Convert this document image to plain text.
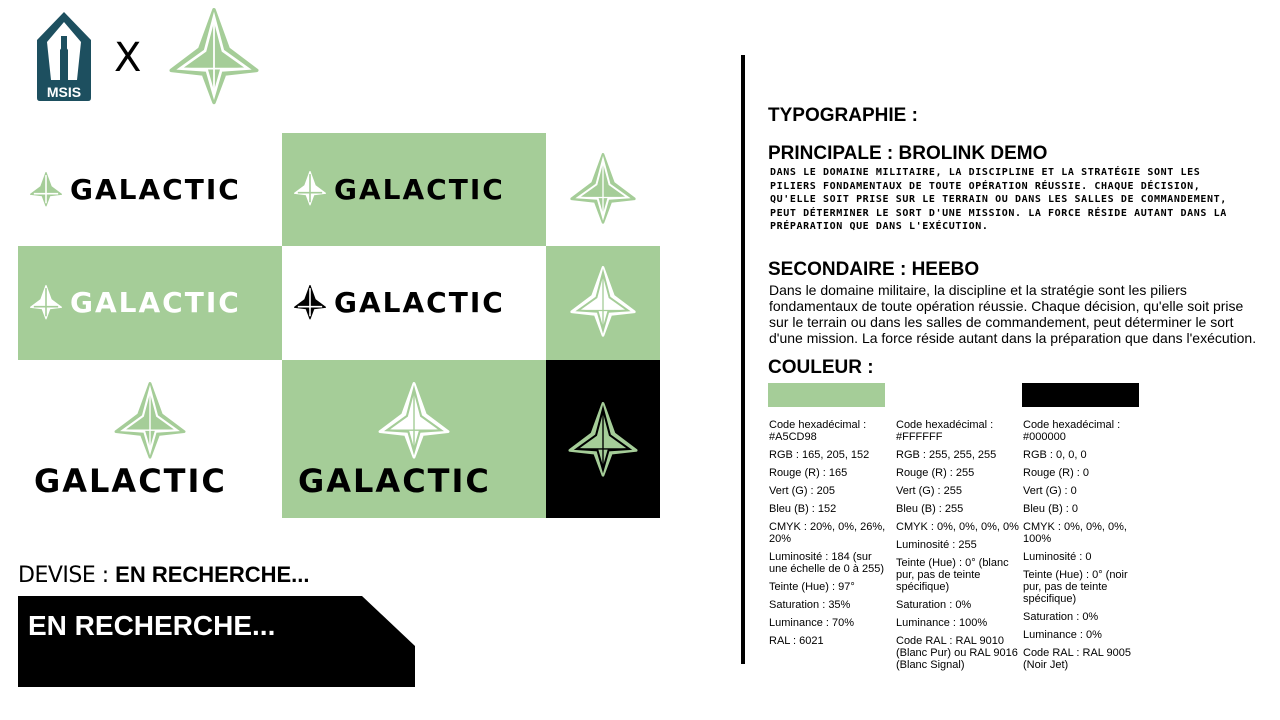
MSIS
X
GALACTIC	GALACTIC
GALACTIC	GALACTIC
GALACTIC GALACTIC
DEVISE : EN RECHERCHE...
EN RECHERCHE...
TYPOGRAPHIE :
PRINCIPALE : BROLINK DEMO
DANS LE DOMAINE MILITAIRE, LA DISCIPLINE ET LA STRATÉGIE SONT LES PILIERS FONDAMENTAUX DE TOUTE OPÉRATION RÉUSSIE. CHAQUE DÉCISION, QU'ELLE SOIT PRISE SUR LE TERRAIN OU DANS LES SALLES DE COMMANDEMENT, PEUT DÉTERMINER LE SORT D'UNE MISSION. LA FORCE RÉSIDE AUTANT DANS LA PRÉPARATION QUE DANS L'EXÉCUTION.
SECONDAIRE : HEEBO
Dans le domaine militaire, la discipline et la stratégie sont les piliers fondamentaux de toute opération réussie. Chaque décision, qu'elle soit prise sur le terrain ou dans les salles de commandement, peut déterminer le sort d'une mission. La force réside autant dans la préparation que dans l'exécution.
COULEUR :
Code hexadécimal : #A5CD98
RGB : 165, 205, 152
Rouge (R) : 165
Vert (G) : 205
Bleu (B) : 152
CMYK : 20%, 0%, 26%, 20%
Luminosité : 184 (sur une échelle de 0 à 255)
Teinte (Hue) : 97°
Saturation : 35%
Luminance : 70%
RAL : 6021
Code hexadécimal : #FFFFFF
RGB : 255, 255, 255
Rouge (R) : 255
Vert (G) : 255
Bleu (B) : 255
CMYK : 0%, 0%, 0%, 0%
Luminosité : 255
Teinte (Hue) : 0° (blanc pur, pas de teinte spécifique)
Saturation : 0%
Luminance : 100%
Code RAL : RAL 9010 (Blanc Pur) ou RAL 9016 (Blanc Signal)
Code hexadécimal : #000000
RGB : 0, 0, 0
Rouge (R) : 0
Vert (G) : 0
Bleu (B) : 0
CMYK : 0%, 0%, 0%, 100%
Luminosité : 0
Teinte (Hue) : 0° (noir pur, pas de teinte spécifique)
Saturation : 0%
Luminance : 0%
Code RAL : RAL 9005 (Noir Jet)
